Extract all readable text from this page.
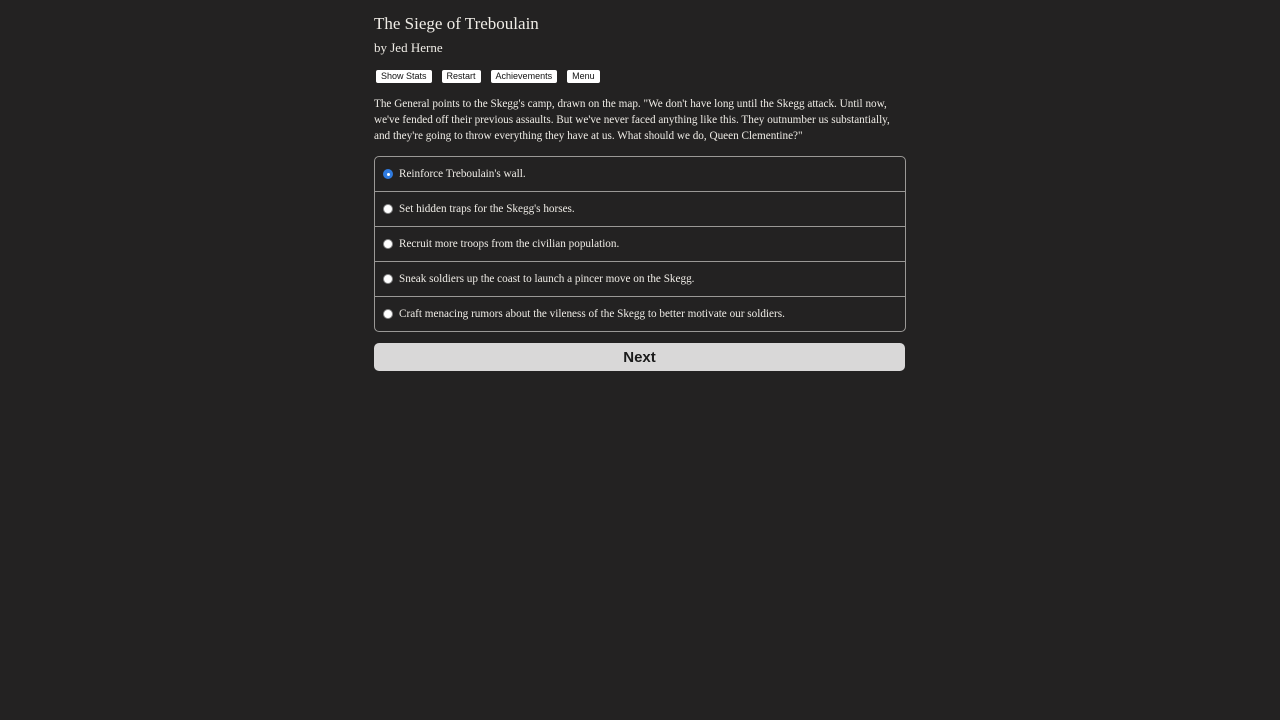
The Siege of Treboulain
by Jed Herne
Show Stats	Restart	Achievements	Menu
The General points to the Skegg's camp, drawn on the map. "We don't have long until the Skegg attack. Until now, we've fended off their previous assaults. But we've never faced anything like this. They outnumber us substantially, and they're going to throw everything they have at us. What should we do, Queen Clementine?"
Reinforce Treboulain's wall.
Set hidden traps for the Skegg's horses.
Recruit more troops from the civilian population.
Sneak soldiers up the coast to launch a pincer move on the Skegg.
Craft menacing rumors about the vileness of the Skegg to better motivate our soldiers.
Next
